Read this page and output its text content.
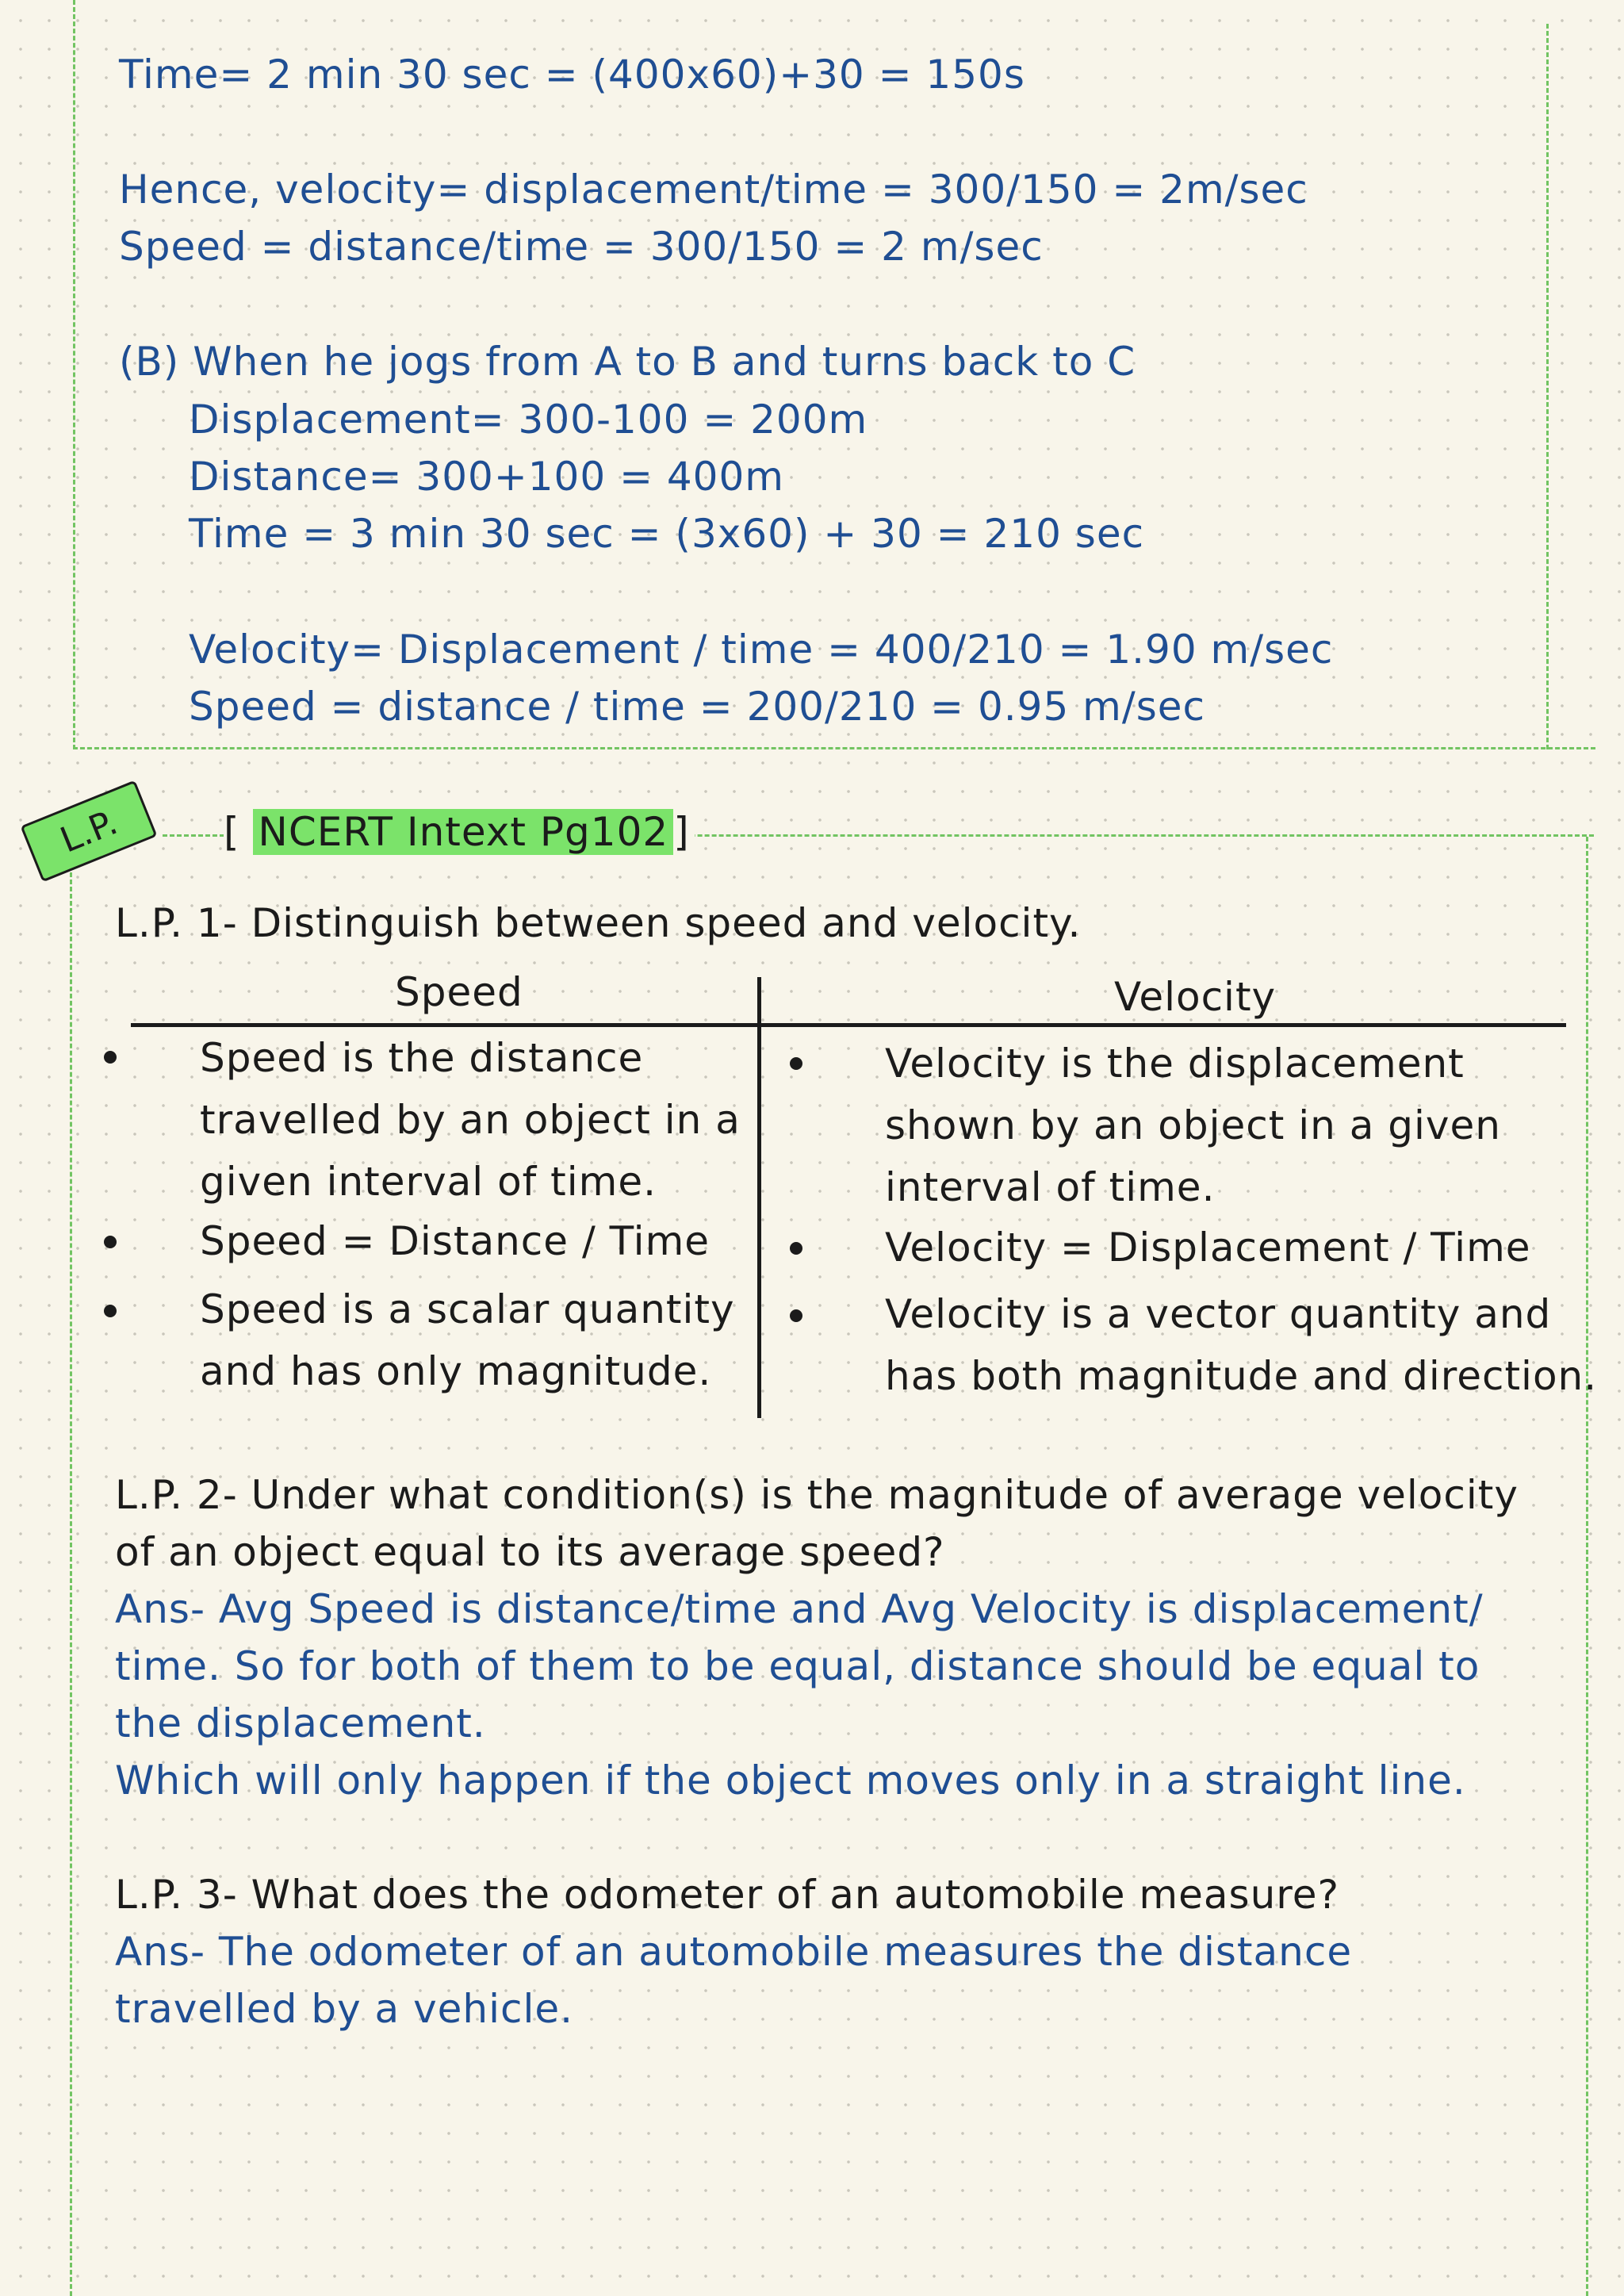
Time= 2 min 30 sec = (400x60)+30 = 150s
Hence, velocity= displacement/time = 300/150 = 2m/sec
Speed = distance/time = 300/150 = 2 m/sec
(B) When he jogs from A to B and turns back to C
Displacement= 300-100 = 200m
Distance= 300+100 = 400m
Time = 3 min 30 sec = (3x60) + 30 = 210 sec
Velocity= Displacement / time = 400/210 = 1.90 m/sec
Speed = distance / time = 200/210 = 0.95 m/sec
L.P.	[ NCERT Intext Pg102 ]
L.P. 1- Distinguish between speed and velocity.
Speed	Velocity
Speed is the distance travelled by an object in a given interval of time.
Speed = Distance / Time
Speed is a scalar quantity and has only magnitude.
Velocity is the displacement shown by an object in a given interval of time.
Velocity = Displacement / Time
Velocity is a vector quantity and has both magnitude and direction.
L.P. 2- Under what condition(s) is the magnitude of average velocity
of an object equal to its average speed?
Ans- Avg Speed is distance/time and Avg Velocity is displacement/
time. So for both of them to be equal, distance should be equal to
the displacement.
Which will only happen if the object moves only in a straight line.
L.P. 3- What does the odometer of an automobile measure?
Ans- The odometer of an automobile measures the distance
travelled by a vehicle.
